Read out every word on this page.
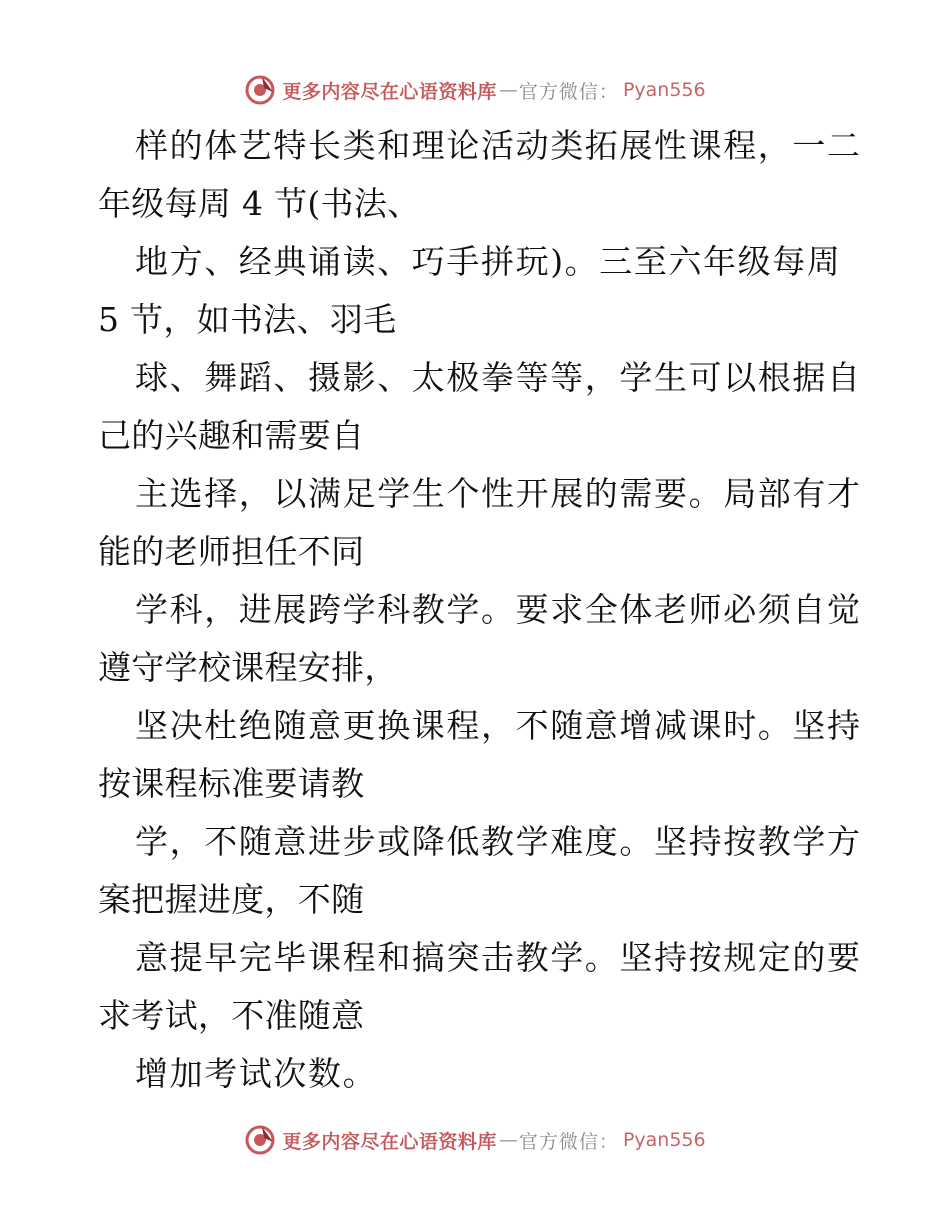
更多内容尽在心语资料库 — 官方微信： Pyan556
样的体艺特长类和理论活动类拓展性课程，一二
年级每周 4 节(书法、
地方、经典诵读、巧手拼玩)。三至六年级每周
5 节，如书法、羽毛
球、舞蹈、摄影、太极拳等等，学生可以根据自
己的兴趣和需要自
主选择，以满足学生个性开展的需要。局部有才
能的老师担任不同
学科，进展跨学科教学。要求全体老师必须自觉
遵守学校课程安排，
坚决杜绝随意更换课程，不随意增减课时。坚持
按课程标准要请教
学，不随意进步或降低教学难度。坚持按教学方
案把握进度，不随
意提早完毕课程和搞突击教学。坚持按规定的要
求考试，不准随意
增加考试次数。
更多内容尽在心语资料库 — 官方微信： Pyan556
